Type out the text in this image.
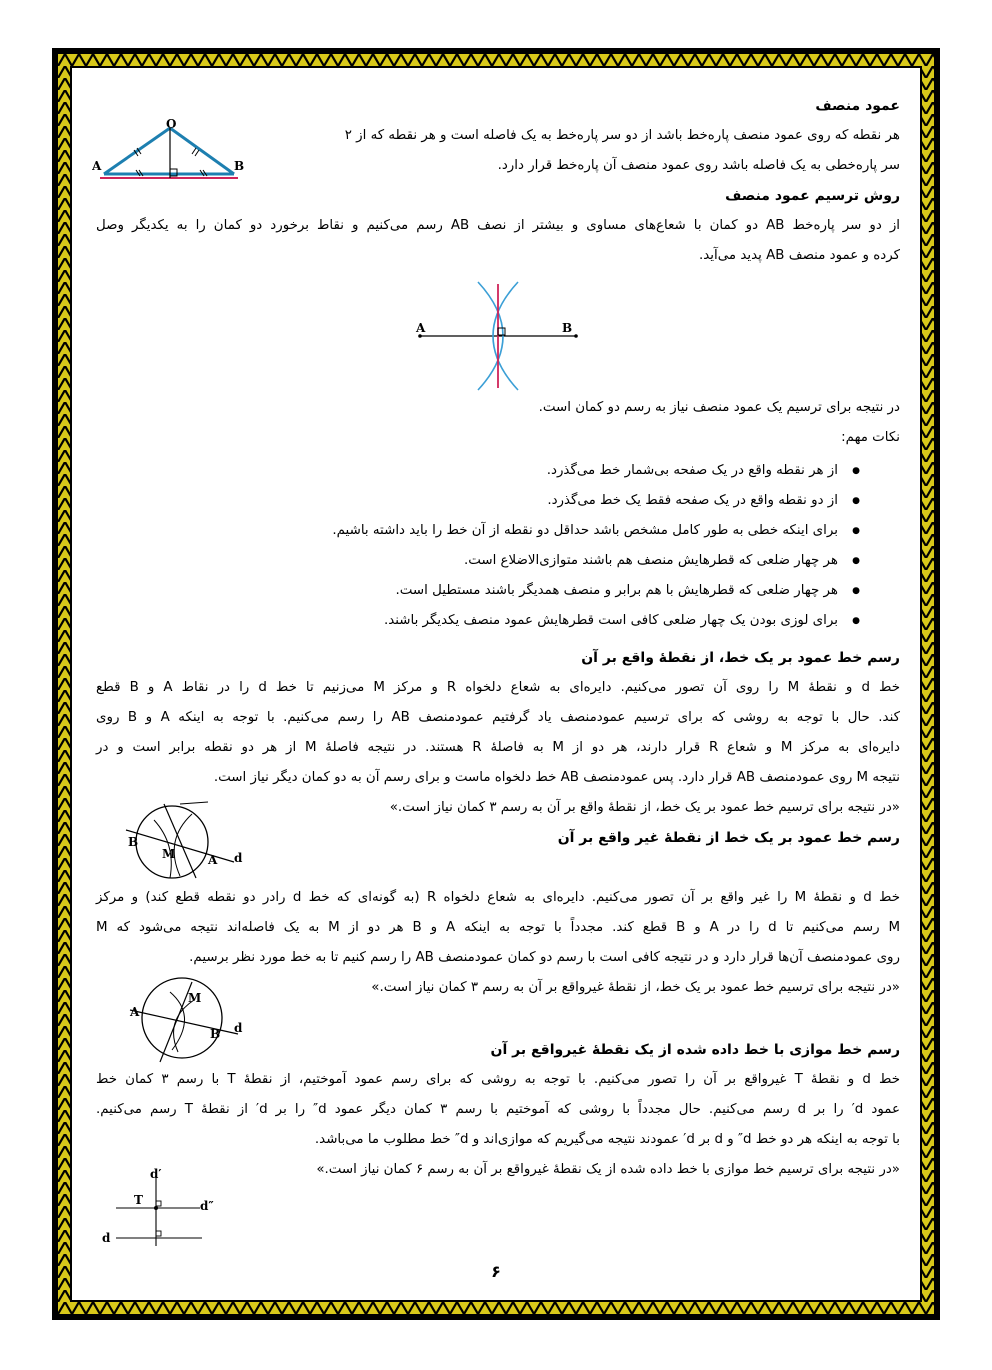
عمود منصف
هر نقطه که روی عمود منصف پاره‌خط باشد از دو سر پاره‌خط به یک فاصله است و هر نقطه که از ۲
سر پاره‌خطی به یک فاصله باشد روی عمود منصف آن پاره‌خط قرار دارد.
روش ترسیم عمود منصف
از دو سر پاره‌خط AB دو کمان با شعاع‌های مساوی و بیشتر از نصف AB رسم می‌کنیم و نقاط برخورد دو کمان را به یکدیگر وصل
کرده و عمود منصف AB پدید می‌آید.
در نتیجه برای ترسیم یک عمود منصف نیاز به رسم دو کمان است.
نکات مهم:
● از هر نقطه واقع در یک صفحه بی‌شمار خط می‌گذرد.
● از دو نقطه واقع در یک صفحه فقط یک خط می‌گذرد.
● برای اینکه خطی به طور کامل مشخص باشد حداقل دو نقطه از آن خط را باید داشته باشیم.
● هر چهار ضلعی که قطرهایش منصف هم باشند متوازی‌الاضلاع است.
● هر چهار ضلعی که قطرهایش با هم برابر و منصف همدیگر باشند مستطیل است.
● برای لوزی بودن یک چهار ضلعی کافی است قطرهایش عمود منصف یکدیگر باشند.
رسم خط عمود بر یک خط، از نقطهٔ واقع بر آن
خط d و نقطهٔ M را روی آن تصور می‌کنیم. دایره‌ای به شعاع دلخواه R و مرکز M می‌زنیم تا خط d را در نقاط A و B قطع
کند. حال با توجه به روشی که برای ترسیم عمودمنصف یاد گرفتیم عمودمنصف AB را رسم می‌کنیم. با توجه به اینکه A و B روی
دایره‌ای به مرکز M و شعاع R قرار دارند، هر دو از M به فاصلهٔ R هستند. در نتیجه فاصلهٔ M از هر دو نقطه برابر است و در
نتیجه M روی عمودمنصف AB قرار دارد. پس عمودمنصف AB خط دلخواه ماست و برای رسم آن به دو کمان دیگر نیاز است.
«در نتیجه برای ترسیم خط عمود بر یک خط، از نقطهٔ واقع بر آن به رسم ۳ کمان نیاز است.»
رسم خط عمود بر یک خط از نقطهٔ غیر واقع بر آن
خط d و نقطهٔ M را غیر واقع بر آن تصور می‌کنیم. دایره‌ای به شعاع دلخواه R (به گونه‌ای که خط d رادر دو نقطه قطع کند) و مرکز
M رسم می‌کنیم تا d را در A و B قطع کند. مجدداً با توجه به اینکه A و B هر دو از M به یک فاصله‌اند نتیجه می‌شود که M
روی عمودمنصف آن‌ها قرار دارد و در نتیجه کافی است با رسم دو کمان عمودمنصف AB را رسم کنیم تا به خط مورد نظر برسیم.
«در نتیجه برای ترسیم خط عمود بر یک خط، از نقطهٔ غیرواقع بر آن به رسم ۳ کمان نیاز است.»
رسم خط موازی با خط داده شده از یک نقطهٔ غیرواقع بر آن
خط d و نقطهٔ T غیرواقع بر آن را تصور می‌کنیم. با توجه به روشی که برای رسم عمود آموختیم، از نقطهٔ T با رسم ۳ کمان خط
عمود d′ را بر d رسم می‌کنیم. حال مجدداً با روشی که آموختیم با رسم ۳ کمان دیگر عمود d″ را بر d′ از نقطهٔ T رسم می‌کنیم.
با توجه به اینکه هر دو خط d″ و d بر d′ عمودند نتیجه می‌گیریم که موازی‌اند و d″ خط مطلوب ما می‌باشد.
«در نتیجه برای ترسیم خط موازی با خط داده شده از یک نقطهٔ غیرواقع بر آن به رسم ۶ کمان نیاز است.»
O
A	B
A	B
B
M	A d
M
A
B d
d′
T	d″
d
۶
